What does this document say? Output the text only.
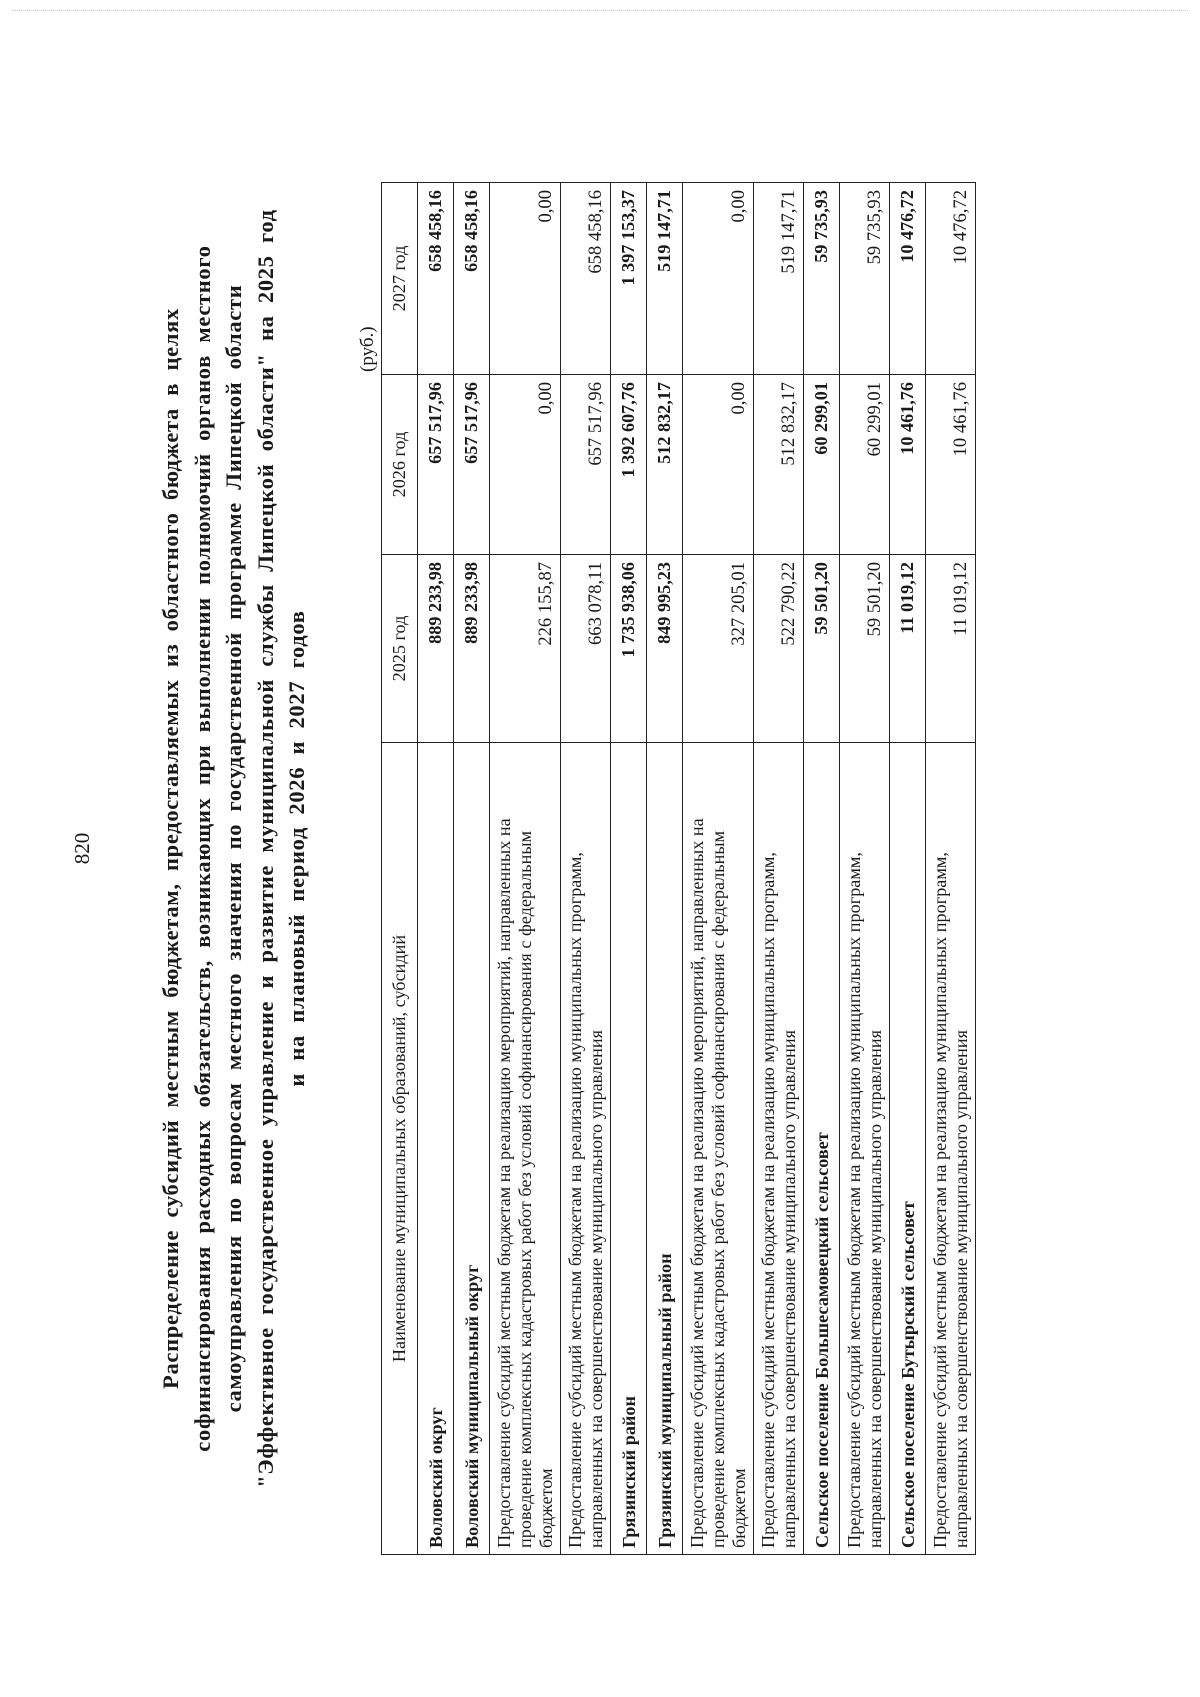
820	Распределение субсидий местным бюджетам, предоставляемых из областного бюджета в целях софинансирования расходных обязательств, возникающих при выполнении полномочий органов местного самоуправления по вопросам местного значения по государственной программе Липецкой области "Эффективное государственное управление и развитие муниципальной службы Липецкой области" на 2025 год и на плановый период 2026 и 2027 годов
(руб.)
Наименование муниципальных образований, субсидий	2025 год	2026 год	2027 год
Воловский округ	889 233,98	657 517,96	658 458,16
Воловский муниципальный округ	889 233,98	657 517,96	658 458,16
Предоставление субсидий местным бюджетам на реализацию мероприятий, направленных на проведение комплексных кадастровых работ без условий софинансирования с федеральным бюджетом	226 155,87	0,00	0,00
Предоставление субсидий местным бюджетам на реализацию муниципальных программ, направленных на совершенствование муниципального управления	663 078,11	657 517,96	658 458,16
Грязинский район	1 735 938,06	1 392 607,76	1 397 153,37
Грязинский муниципальный район	849 995,23	512 832,17	519 147,71
Предоставление субсидий местным бюджетам на реализацию мероприятий, направленных на проведение комплексных кадастровых работ без условий софинансирования с федеральным бюджетом	327 205,01	0,00	0,00
Предоставление субсидий местным бюджетам на реализацию муниципальных программ, направленных на совершенствование муниципального управления	522 790,22	512 832,17	519 147,71
Сельское поселение Большесамовецкий сельсовет	59 501,20	60 299,01	59 735,93
Предоставление субсидий местным бюджетам на реализацию муниципальных программ, направленных на совершенствование муниципального управления	59 501,20	60 299,01	59 735,93
Сельское поселение Бутырский сельсовет	11 019,12	10 461,76	10 476,72
Предоставление субсидий местным бюджетам на реализацию муниципальных программ, направленных на совершенствование муниципального управления	11 019,12	10 461,76	10 476,72
